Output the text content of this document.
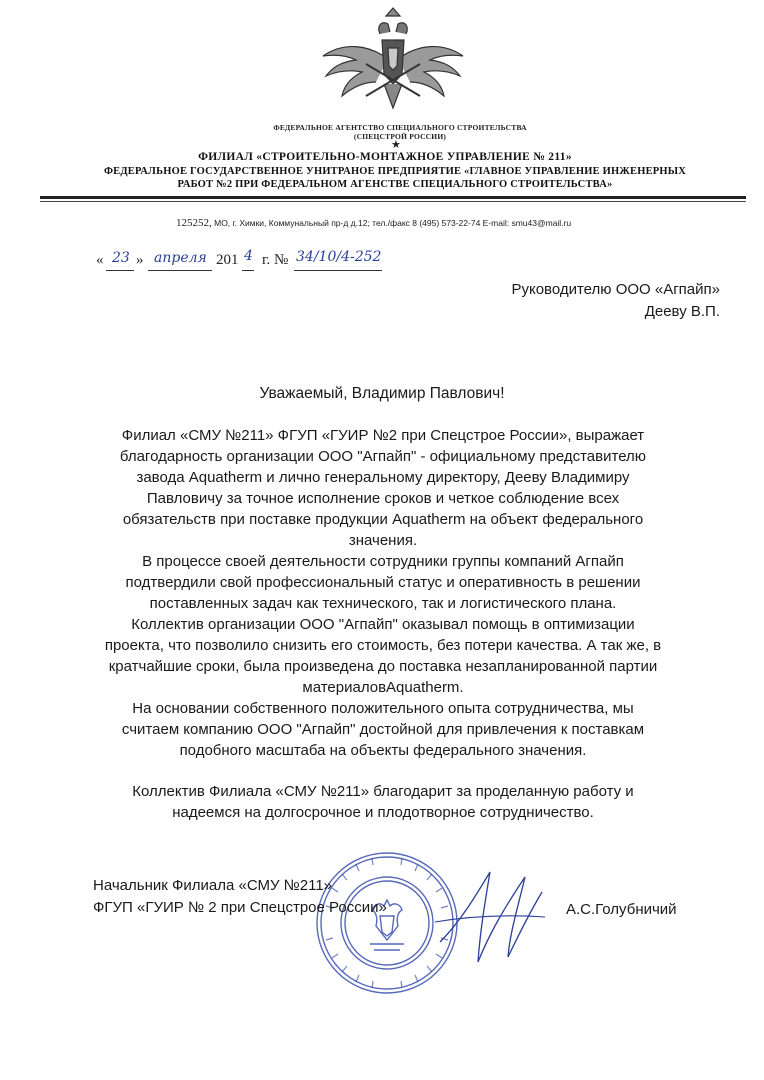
ФЕДЕРАЛЬНОЕ АГЕНТСТВО СПЕЦИАЛЬНОГО СТРОИТЕЛЬСТВА
(СПЕЦСТРОЙ РОССИИ)
★
ФИЛИАЛ «СТРОИТЕЛЬНО-МОНТАЖНОЕ УПРАВЛЕНИЕ № 211»
ФЕДЕРАЛЬНОЕ ГОСУДАРСТВЕННОЕ УНИТРАНОЕ ПРЕДПРИЯТИЕ «ГЛАВНОЕ УПРАВЛЕНИЕ ИНЖЕНЕРНЫХ
РАБОТ №2 ПРИ ФЕДЕРАЛЬНОМ АГЕНСТВЕ СПЕЦИАЛЬНОГО СТРОИТЕЛЬСТВА»
125252, МО, г. Химки, Коммунальный пр-д д.12; тел./факс 8 (495) 573-22-74 E-mail: smu43@mail.ru
« 23 » апреля 201 4 г. № 34/10/4-252
Руководителю ООО «Агпайп»
Дееву В.П.
Уважаемый, Владимир Павлович!
Филиал «СМУ №211» ФГУП «ГУИР №2 при Спецстрое России», выражает
благодарность организации ООО "Агпайп" - официальному представителю
завода Aquatherm и лично генеральному директору, Дееву Владимиру
Павловичу за точное исполнение сроков и четкое соблюдение всех
обязательств при поставке продукции Aquatherm на объект федерального
значения.
В процессе своей деятельности сотрудники группы компаний Агпайп
подтвердили свой профессиональный статус и оперативность в решении
поставленных задач как технического, так и логистического плана.
Коллектив организации ООО "Агпайп" оказывал помощь в оптимизации
проекта, что позволило снизить его стоимость, без потери качества. А так же, в
кратчайшие сроки, была произведена до поставка незапланированной партии
материаловAquatherm.
На основании собственного положительного опыта сотрудничества, мы
считаем компанию ООО "Агпайп" достойной для привлечения к поставкам
подобного масштаба на объекты федерального значения.
Коллектив Филиала «СМУ №211» благодарит за проделанную работу и
надеемся на долгосрочное и плодотворное сотрудничество.
Начальник Филиала «СМУ №211»
ФГУП «ГУИР № 2 при Спецстрое России»	А.С.Голубничий
